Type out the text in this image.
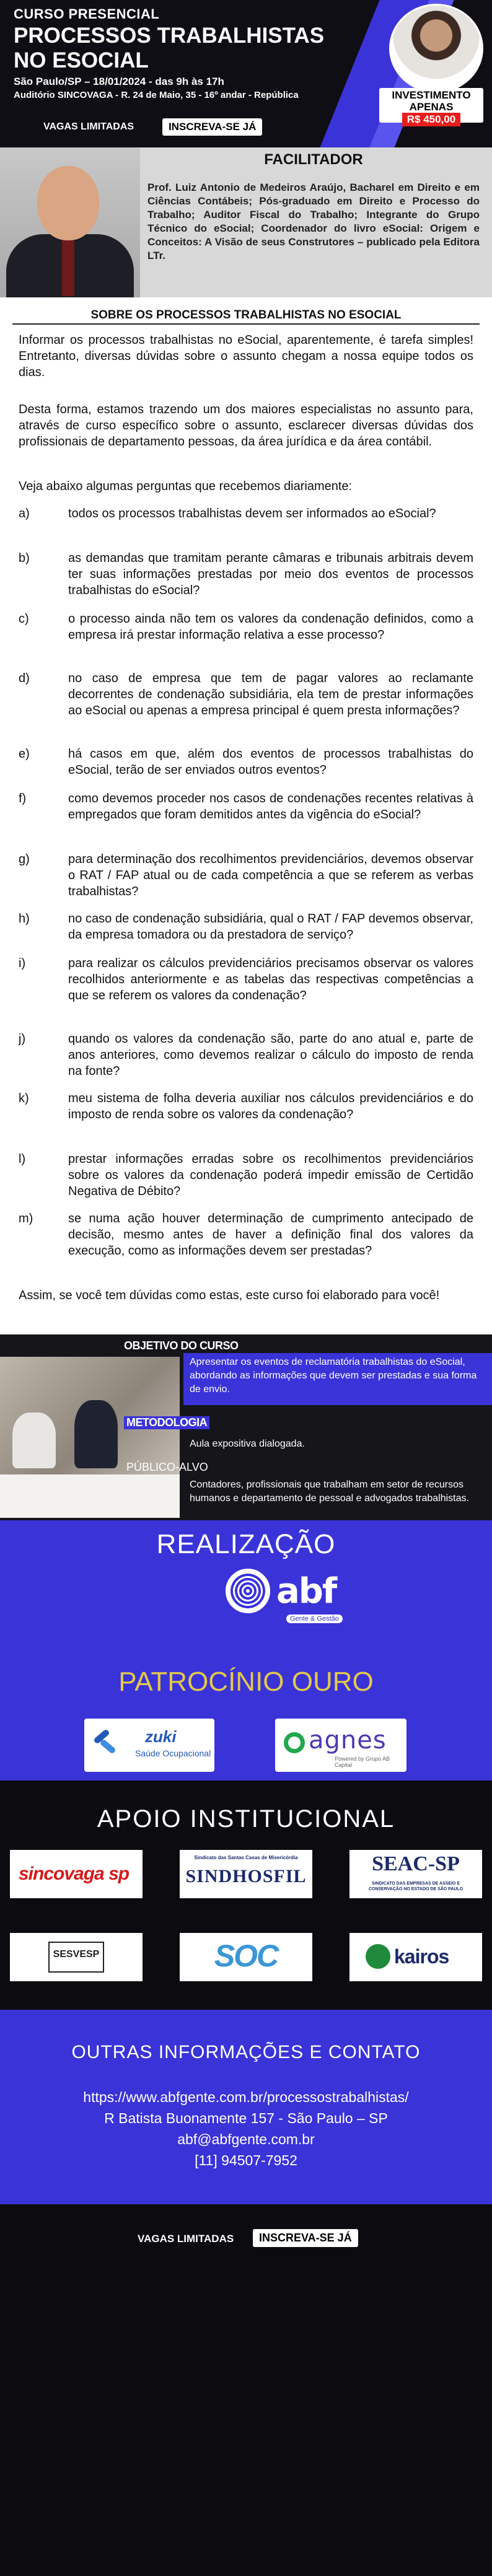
CURSO PRESENCIAL
PROCESSOS TRABALHISTAS
NO ESOCIAL
São Paulo/SP – 18/01/2024 - das 9h às 17h
Auditório SINCOVAGA - R. 24 de Maio, 35 - 16º andar - República
VAGAS LIMITADAS	INSCREVA-SE JÁ
INVESTIMENTO
APENAS
R$ 450,00
FACILITADOR
Prof. Luiz Antonio de Medeiros Araújo, Bacharel em Direito e em Ciências Contábeis; Pós-graduado em Direito e Processo do Trabalho; Auditor Fiscal do Trabalho; Integrante do Grupo Técnico do eSocial; Coordenador do livro eSocial: Origem e Conceitos: A Visão de seus Construtores – publicado pela Editora LTr.
SOBRE OS PROCESSOS TRABALHISTAS NO ESOCIAL
Informar os processos trabalhistas no eSocial, aparentemente, é tarefa simples! Entretanto, diversas dúvidas sobre o assunto chegam a nossa equipe todos os dias.
Desta forma, estamos trazendo um dos maiores especialistas no assunto para, através de curso específico sobre o assunto, esclarecer diversas dúvidas dos profissionais de departamento pessoas, da área jurídica e da área contábil.
Veja abaixo algumas perguntas que recebemos diariamente:
a)	todos os processos trabalhistas devem ser informados ao eSocial?
b)	as demandas que tramitam perante câmaras e tribunais arbitrais devem ter suas informações prestadas por meio dos eventos de processos trabalhistas do eSocial?
c)	o processo ainda não tem os valores da condenação definidos, como a empresa irá prestar informação relativa a esse processo?
d)	no caso de empresa que tem de pagar valores ao reclamante decorrentes de condenação subsidiária, ela tem de prestar informações ao eSocial ou apenas a empresa principal é quem presta informações?
e)	há casos em que, além dos eventos de processos trabalhistas do eSocial, terão de ser enviados outros eventos?
f)	como devemos proceder nos casos de condenações recentes relativas à empregados que foram demitidos antes da vigência do eSocial?
g)	para determinação dos recolhimentos previdenciários, devemos observar o RAT / FAP atual ou de cada competência a que se referem as verbas trabalhistas?
h)	no caso de condenação subsidiária, qual o RAT / FAP devemos observar, da empresa tomadora ou da prestadora de serviço?
i)	para realizar os cálculos previdenciários precisamos observar os valores recolhidos anteriormente e as tabelas das respectivas competências a que se referem os valores da condenação?
j)	quando os valores da condenação são, parte do ano atual e, parte de anos anteriores, como devemos realizar o cálculo do imposto de renda na fonte?
k)	meu sistema de folha deveria auxiliar nos cálculos previdenciários e do imposto de renda sobre os valores da condenação?
l)	prestar informações erradas sobre os recolhimentos previdenciários sobre os valores da condenação poderá impedir emissão de Certidão Negativa de Débito?
m)	se numa ação houver determinação de cumprimento antecipado de decisão, mesmo antes de haver a definição final dos valores da execução, como as informações devem ser prestadas?
Assim, se você tem dúvidas como estas, este curso foi elaborado para você!
OBJETIVO DO CURSO
Apresentar os eventos de reclamatória trabalhistas do eSocial, abordando as informações que devem ser prestadas e sua forma de envio.
METODOLOGIA
Aula expositiva dialogada.
PÚBLICO-ALVO
Contadores, profissionais que trabalham em setor de recursos humanos e departamento de pessoal e advogados trabalhistas.
REALIZAÇÃO
abf
Gente & Gestão
PATROCÍNIO OURO
zuki
Saúde Ocupacional	agnes
Powered by Grupo AB Capital
APOIO INSTITUCIONAL
sincovaga sp
Sindicato das Santas Casas de Misericórdia
SINDHOSFIL
SEAC-SP
SINDICATO DAS EMPRESAS DE ASSEIO E CONSERVAÇÃO NO ESTADO DE SÃO PAULO
SESVESP	SOC	kairos
OUTRAS INFORMAÇÕES E CONTATO
https://www.abfgente.com.br/processostrabalhistas/
R Batista Buonamente 157 - São Paulo – SP
abf@abfgente.com.br
[11] 94507-7952
VAGAS LIMITADAS	INSCREVA-SE JÁ
